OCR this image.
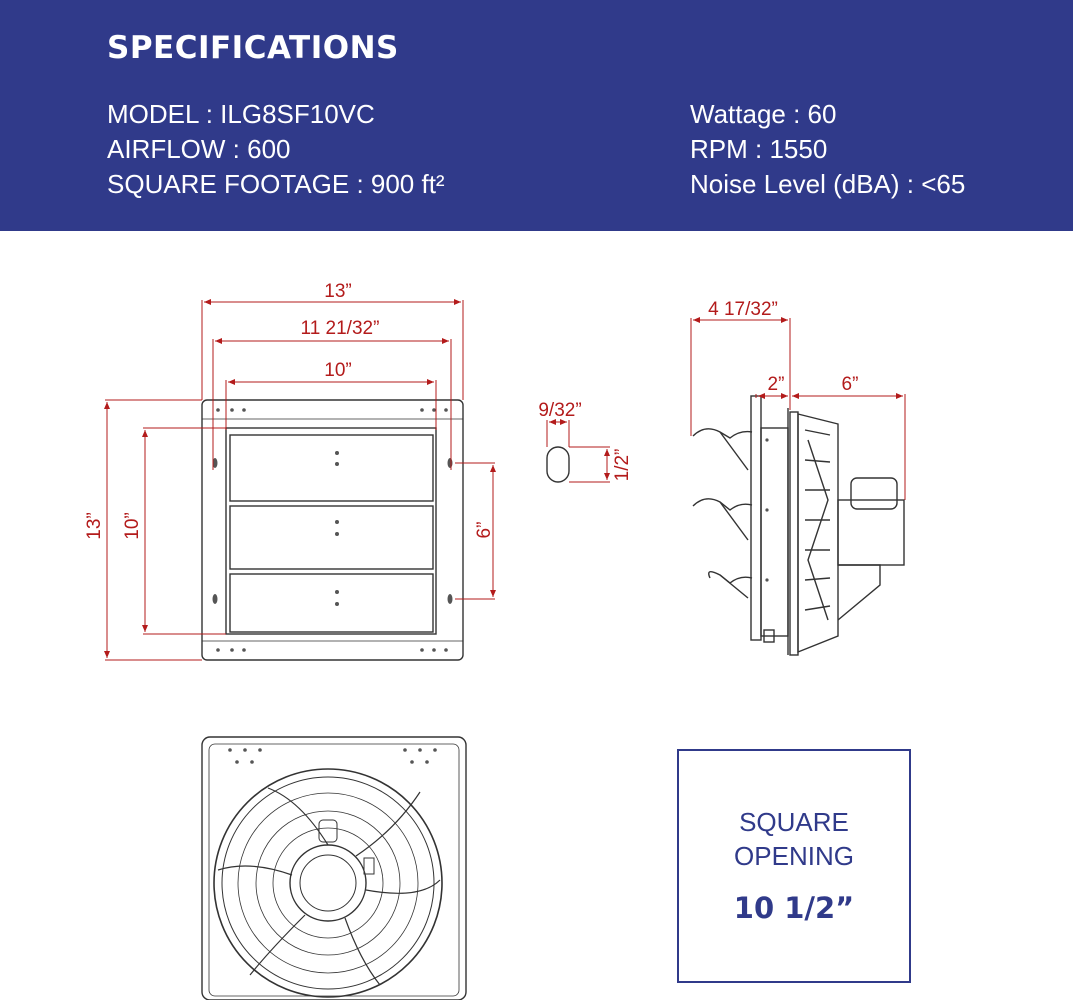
SPECIFICATIONS
MODEL : ILG8SF10VC
AIRFLOW : 600
SQUARE FOOTAGE : 900 ft²
Wattage : 60
RPM : 1550
Noise Level (dBA) : <65
13”
11 21/32”
10”
13” 10”	6”
9/32”
1/2”
4 17/32”
2”	6”
SQUARE
OPENING
10 1/2”
